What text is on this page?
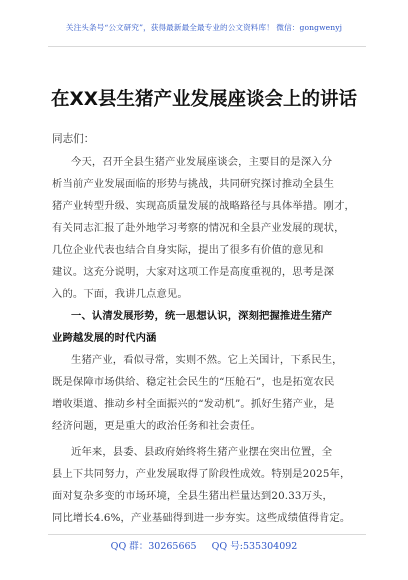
关注头条号“公文研究”，获得最新最全最专业的公文资料库！ 微信：gongwenyj
在XX县生猪产业发展座谈会上的讲话
同志们：
今天，召开全县生猪产业发展座谈会，主要目的是深入分
析当前产业发展面临的形势与挑战，共同研究探讨推动全县生
猪产业转型升级、实现高质量发展的战略路径与具体举措。刚才，
有关同志汇报了赴外地学习考察的情况和全县产业发展的现状，
几位企业代表也结合自身实际，提出了很多有价值的意见和
建议。这充分说明，大家对这项工作是高度重视的，思考是深
入的。下面，我讲几点意见。
一、认清发展形势，统一思想认识，深刻把握推进生猪产
业跨越发展的时代内涵
生猪产业，看似寻常，实则不然。它上关国计，下系民生，
既是保障市场供给、稳定社会民生的“压舱石”，也是拓宽农民
增收渠道、推动乡村全面振兴的“发动机”。抓好生猪产业，是
经济问题，更是重大的政治任务和社会责任。
近年来，县委、县政府始终将生猪产业摆在突出位置，全
县上下共同努力，产业发展取得了阶段性成效。特别是2025年，
面对复杂多变的市场环境，全县生猪出栏量达到20.33万头，
同比增长4.6%，产业基础得到进一步夯实。这些成绩值得肯定。
QQ 群：30265665 QQ 号:535304092
